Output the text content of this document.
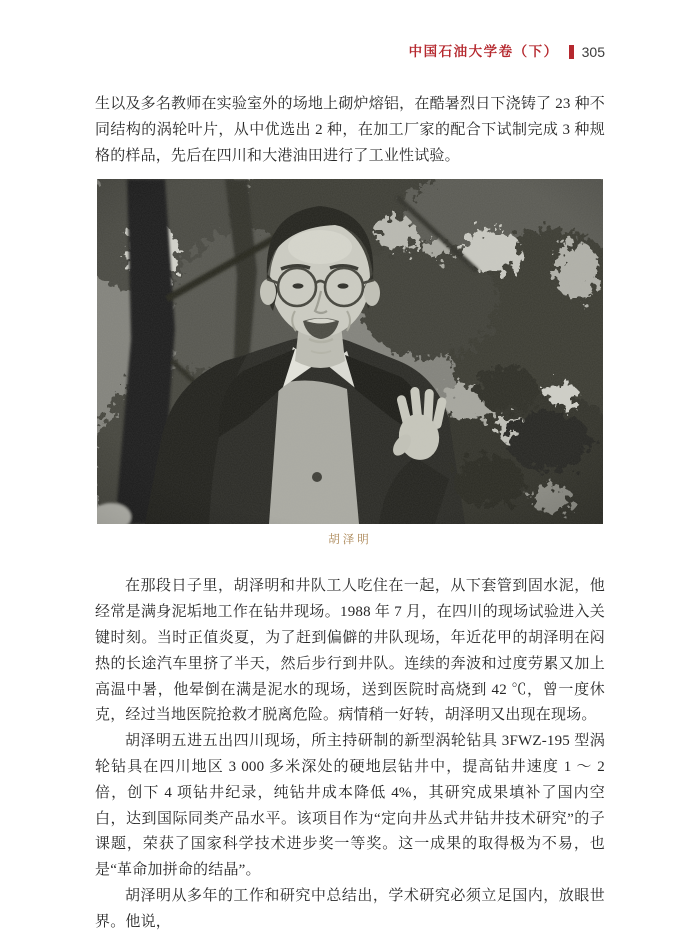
中国石油大学卷（下） 305

生以及多名教师在实验室外的场地上砌炉熔铝，在酷暑烈日下浇铸了 23 种不同结构的涡轮叶片，从中优选出 2 种，在加工厂家的配合下试制完成 3 种规格的样品，先后在四川和大港油田进行了工业性试验。

胡泽明

在那段日子里，胡泽明和井队工人吃住在一起，从下套管到固水泥，他经常是满身泥垢地工作在钻井现场。1988 年 7 月，在四川的现场试验进入关键时刻。当时正值炎夏，为了赶到偏僻的井队现场，年近花甲的胡泽明在闷热的长途汽车里挤了半天，然后步行到井队。连续的奔波和过度劳累又加上高温中暑，他晕倒在满是泥水的现场，送到医院时高烧到 42 ℃，曾一度休克，经过当地医院抢救才脱离危险。病情稍一好转，胡泽明又出现在现场。

胡泽明五进五出四川现场，所主持研制的新型涡轮钻具 3FWZ-195 型涡轮钻具在四川地区 3 000 多米深处的硬地层钻井中，提高钻井速度 1 ～ 2 倍，创下 4 项钻井纪录，纯钻井成本降低 4%，其研究成果填补了国内空白，达到国际同类产品水平。该项目作为“定向井丛式井钻井技术研究”的子课题，荣获了国家科学技术进步奖一等奖。这一成果的取得极为不易，也是“革命加拼命的结晶”。

胡泽明从多年的工作和研究中总结出，学术研究必须立足国内，放眼世界。他说，
